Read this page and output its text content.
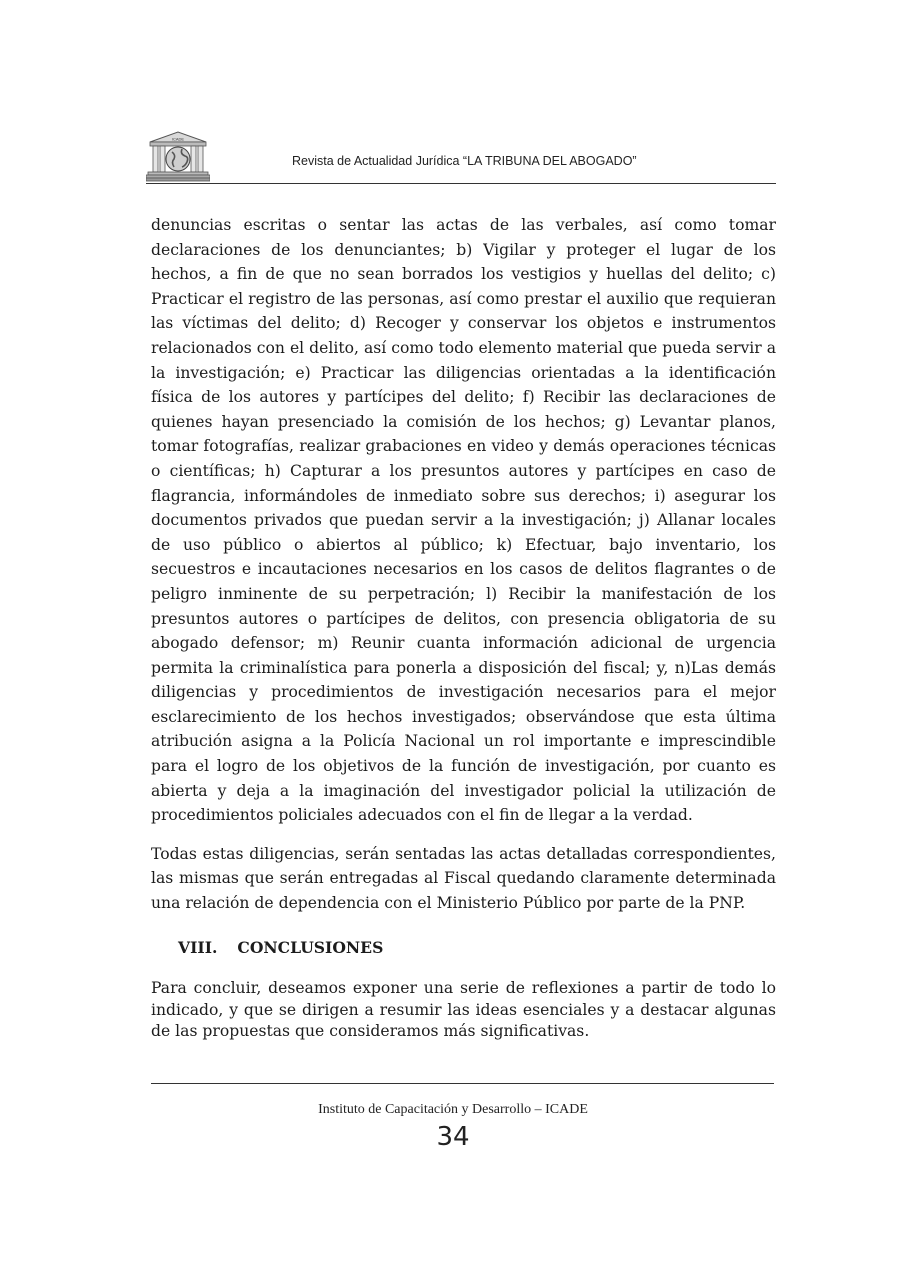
ICADE
Revista de Actualidad Jurídica “LA TRIBUNA DEL ABOGADO”

denuncias escritas o sentar las actas de las verbales, así como tomar declaraciones de los denunciantes; b) Vigilar y proteger el lugar de los hechos, a fin de que no sean borrados los vestigios y huellas del delito; c) Practicar el registro de las personas, así como prestar el auxilio que requieran las víctimas del delito; d) Recoger y conservar los objetos e instrumentos relacionados con el delito, así como todo elemento material que pueda servir a la investigación; e) Practicar las diligencias orientadas a la identificación física de los autores y partícipes del delito; f) Recibir las declaraciones de quienes hayan presenciado la comisión de los hechos; g) Levantar planos, tomar fotografías, realizar grabaciones en video y demás operaciones técnicas o científicas; h) Capturar a los presuntos autores y partícipes en caso de flagrancia, informándoles de inmediato sobre sus derechos; i) asegurar los documentos privados que puedan servir a la investigación; j) Allanar locales de uso público o abiertos al público; k) Efectuar, bajo inventario, los secuestros e incautaciones necesarios en los casos de delitos flagrantes o de peligro inminente de su perpetración; l) Recibir la manifestación de los presuntos autores o partícipes de delitos, con presencia obligatoria de su abogado defensor; m) Reunir cuanta información adicional de urgencia permita la criminalística para ponerla a disposición del fiscal; y, n)Las demás diligencias y procedimientos de investigación necesarios para el mejor esclarecimiento de los hechos investigados; observándose que esta última atribución asigna a la Policía Nacional un rol importante e imprescindible para el logro de los objetivos de la función de investigación, por cuanto es abierta y deja a la imaginación del investigador policial la utilización de procedimientos policiales adecuados con el fin de llegar a la verdad.

Todas estas diligencias, serán sentadas las actas detalladas correspondientes, las mismas que serán entregadas al Fiscal quedando claramente determinada una relación de dependencia con el Ministerio Público por parte de la PNP.

VIII. CONCLUSIONES

Para concluir, deseamos exponer una serie de reflexiones a partir de todo lo indicado, y que se dirigen a resumir las ideas esenciales y a destacar algunas de las propuestas que consideramos más significativas.

Instituto de Capacitación y Desarrollo – ICADE
34
